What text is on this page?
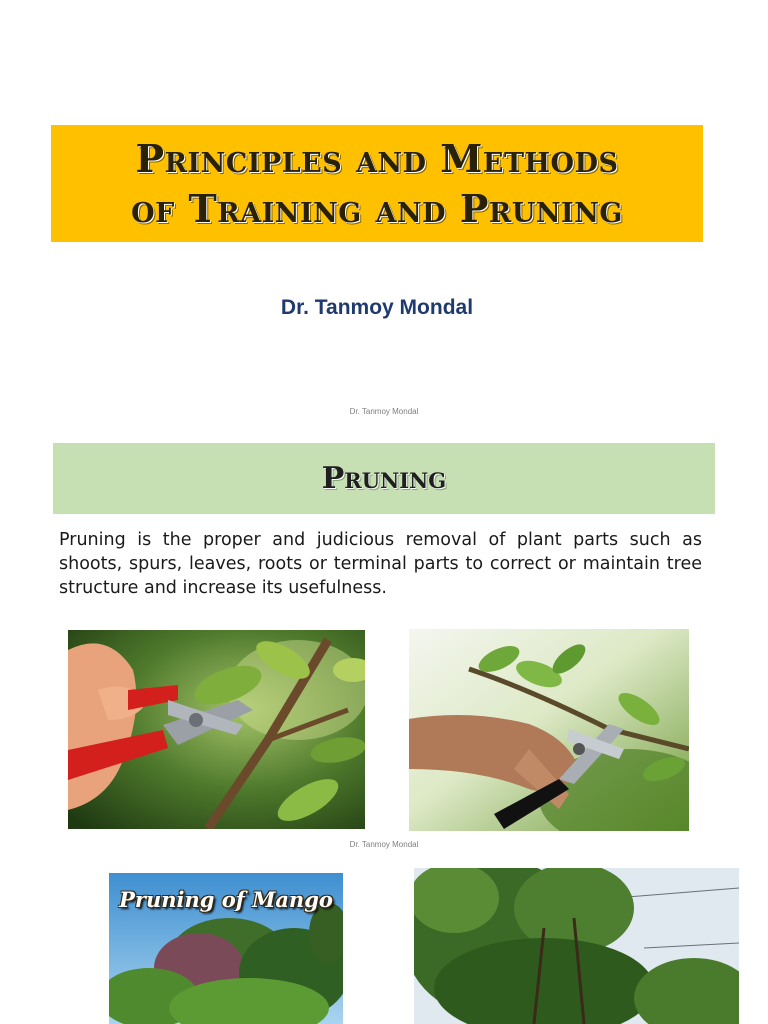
Principles and Methods
of Training and Pruning
Dr. Tanmoy Mondal
Dr. Tanmoy Mondal
Pruning
Pruning is the proper and judicious removal of plant parts such as shoots, spurs, leaves, roots or terminal parts to correct or maintain tree structure and increase its usefulness.
Dr. Tanmoy Mondal
Pruning of Mango
